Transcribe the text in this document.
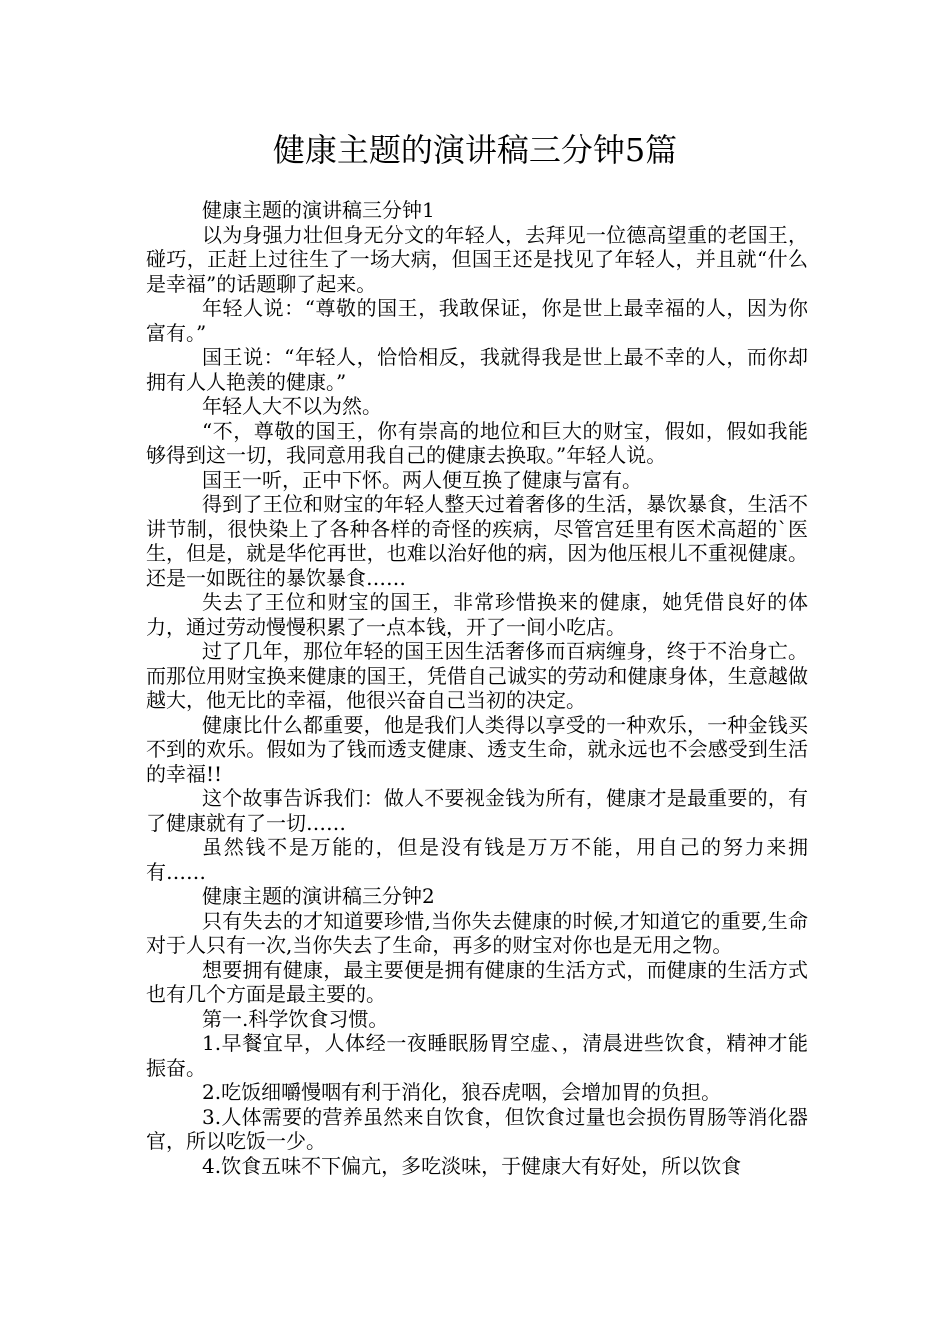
健康主题的演讲稿三分钟5篇

健康主题的演讲稿三分钟1

以为身强力壮但身无分文的年轻人，去拜见一位德高望重的老国王，碰巧，正赶上过往生了一场大病，但国王还是找见了年轻人，并且就“什么是幸福”的话题聊了起来。

年轻人说：“尊敬的国王，我敢保证，你是世上最幸福的人，因为你富有。”

国王说：“年轻人，恰恰相反，我就得我是世上最不幸的人，而你却拥有人人艳羡的健康。”

年轻人大不以为然。

“不，尊敬的国王，你有崇高的地位和巨大的财宝，假如，假如我能够得到这一切，我同意用我自己的健康去换取。”年轻人说。

国王一听，正中下怀。两人便互换了健康与富有。

得到了王位和财宝的年轻人整天过着奢侈的生活，暴饮暴食，生活不讲节制，很快染上了各种各样的奇怪的疾病，尽管宫廷里有医术高超的`医生，但是，就是华佗再世，也难以治好他的病，因为他压根儿不重视健康。还是一如既往的暴饮暴食……

失去了王位和财宝的国王，非常珍惜换来的健康，她凭借良好的体力，通过劳动慢慢积累了一点本钱，开了一间小吃店。

过了几年，那位年轻的国王因生活奢侈而百病缠身，终于不治身亡。而那位用财宝换来健康的国王，凭借自己诚实的劳动和健康身体，生意越做越大，他无比的幸福，他很兴奋自己当初的决定。

健康比什么都重要，他是我们人类得以享受的一种欢乐，一种金钱买不到的欢乐。假如为了钱而透支健康、透支生命，就永远也不会感受到生活的幸福!!

这个故事告诉我们：做人不要视金钱为所有，健康才是最重要的，有了健康就有了一切……

虽然钱不是万能的，但是没有钱是万万不能，用自己的努力来拥有……

健康主题的演讲稿三分钟2

只有失去的才知道要珍惜,当你失去健康的时候,才知道它的重要,生命对于人只有一次,当你失去了生命，再多的财宝对你也是无用之物。

想要拥有健康，最主要便是拥有健康的生活方式，而健康的生活方式也有几个方面是最主要的。

第一.科学饮食习惯。

1.早餐宜早，人体经一夜睡眠肠胃空虚、，清晨进些饮食，精神才能振奋。

2.吃饭细嚼慢咽有利于消化，狼吞虎咽，会增加胃的负担。

3.人体需要的营养虽然来自饮食，但饮食过量也会损伤胃肠等消化器官，所以吃饭一少。

4.饮食五味不下偏亢，多吃淡味，于健康大有好处，所以饮食
